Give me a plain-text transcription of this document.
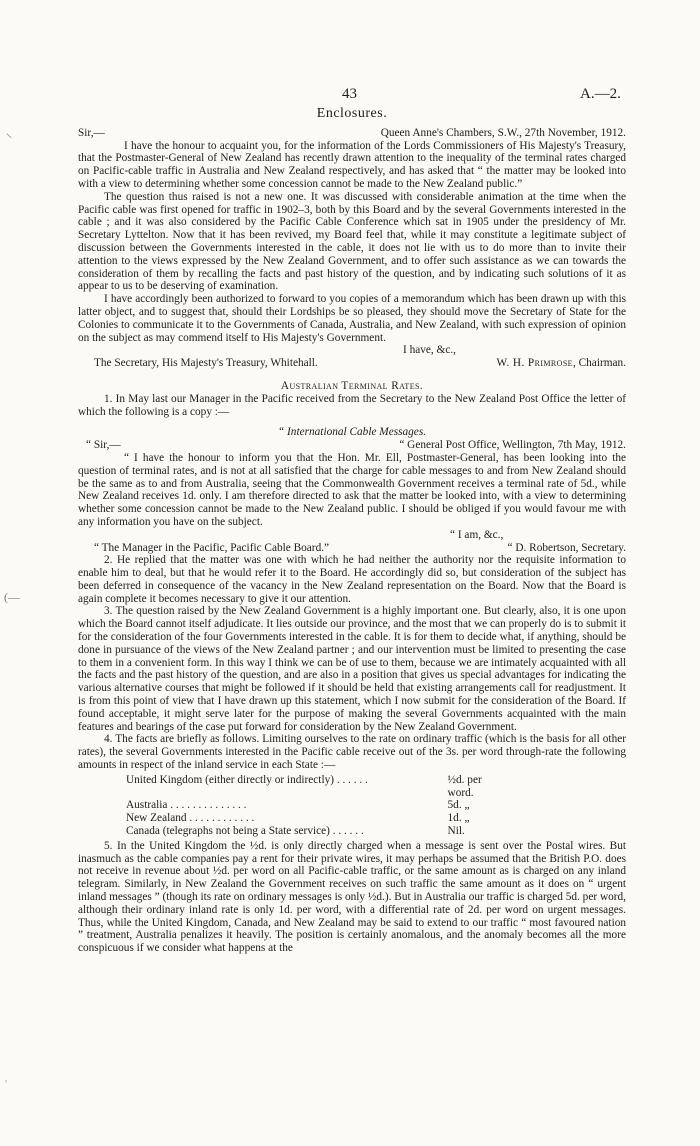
43	A.—2.
⸜
(—
˒
Enclosures.
Sir,—	Queen Anne's Chambers, S.W., 27th November, 1912.

I have the honour to acquaint you, for the information of the Lords Commissioners of His Majesty's Treasury, that the Postmaster-General of New Zealand has recently drawn attention to the inequality of the terminal rates charged on Pacific-cable traffic in Australia and New Zealand respectively, and has asked that “ the matter may be looked into with a view to determining whether some concession cannot be made to the New Zealand public.”

The question thus raised is not a new one. It was discussed with considerable animation at the time when the Pacific cable was first opened for traffic in 1902–3, both by this Board and by the several Governments interested in the cable ; and it was also considered by the Pacific Cable Conference which sat in 1905 under the presidency of Mr. Secretary Lyttelton. Now that it has been revived, my Board feel that, while it may constitute a legitimate subject of discussion between the Governments interested in the cable, it does not lie with us to do more than to invite their attention to the views expressed by the New Zealand Government, and to offer such assistance as we can towards the consideration of them by recalling the facts and past history of the question, and by indicating such solutions of it as appear to us to be deserving of examination.

I have accordingly been authorized to forward to you copies of a memorandum which has been drawn up with this latter object, and to suggest that, should their Lordships be so pleased, they should move the Secretary of State for the Colonies to communicate it to the Governments of Canada, Australia, and New Zealand, with such expression of opinion on the subject as may commend itself to His Majesty's Government.

I have, &c.,
The Secretary, His Majesty's Treasury, Whitehall.	W. H. Primrose, Chairman.
Australian Terminal Rates.

1. In May last our Manager in the Pacific received from the Secretary to the New Zealand Post Office the letter of which the following is a copy :—

“ International Cable Messages.
“ Sir,—	“ General Post Office, Wellington, 7th May, 1912.

“ I have the honour to inform you that the Hon. Mr. Ell, Postmaster-General, has been looking into the question of terminal rates, and is not at all satisfied that the charge for cable messages to and from New Zealand should be the same as to and from Australia, seeing that the Commonwealth Government receives a terminal rate of 5d., while New Zealand receives 1d. only. I am therefore directed to ask that the matter be looked into, with a view to determining whether some concession cannot be made to the New Zealand public. I should be obliged if you would favour me with any information you have on the subject.

“ I am, &c.,
“ The Manager in the Pacific, Pacific Cable Board.”	“ D. Robertson, Secretary.

2. He replied that the matter was one with which he had neither the authority nor the requisite information to enable him to deal, but that he would refer it to the Board. He accordingly did so, but consideration of the subject has been deferred in consequence of the vacancy in the New Zealand representation on the Board. Now that the Board is again complete it becomes necessary to give it our attention.

3. The question raised by the New Zealand Government is a highly important one. But clearly, also, it is one upon which the Board cannot itself adjudicate. It lies outside our province, and the most that we can properly do is to submit it for the consideration of the four Governments interested in the cable. It is for them to decide what, if anything, should be done in pursuance of the views of the New Zealand partner ; and our intervention must be limited to presenting the case to them in a convenient form. In this way I think we can be of use to them, because we are intimately acquainted with all the facts and the past history of the question, and are also in a position that gives us special advantages for indicating the various alternative courses that might be followed if it should be held that existing arrangements call for readjustment. It is from this point of view that I have drawn up this statement, which I now submit for the consideration of the Board. If found acceptable, it might serve later for the purpose of making the several Governments acquainted with the main features and bearings of the case put forward for consideration by the New Zealand Government.

4. The facts are briefly as follows. Limiting ourselves to the rate on ordinary traffic (which is the basis for all other rates), the several Governments interested in the Pacific cable receive out of the 3s. per word through-rate the following amounts in respect of the inland service in each State :—

United Kingdom (either directly or indirectly) . . . . . .	½d. per word.
Australia . . . . . . . . . . . . . .	5d. „
New Zealand . . . . . . . . . . . .	1d. „
Canada (telegraphs not being a State service) . . . . . .	Nil.

5. In the United Kingdom the ½d. is only directly charged when a message is sent over the Postal wires. But inasmuch as the cable companies pay a rent for their private wires, it may perhaps be assumed that the British P.O. does not receive in revenue about ½d. per word on all Pacific-cable traffic, or the same amount as is charged on any inland telegram. Similarly, in New Zealand the Government receives on such traffic the same amount as it does on “ urgent inland messages ” (though its rate on ordinary messages is only ½d.). But in Australia our traffic is charged 5d. per word, although their ordinary inland rate is only 1d. per word, with a differential rate of 2d. per word on urgent messages. Thus, while the United Kingdom, Canada, and New Zealand may be said to extend to our traffic “ most favoured nation ” treatment, Australia penalizes it heavily. The position is certainly anomalous, and the anomaly becomes all the more conspicuous if we consider what happens at the
